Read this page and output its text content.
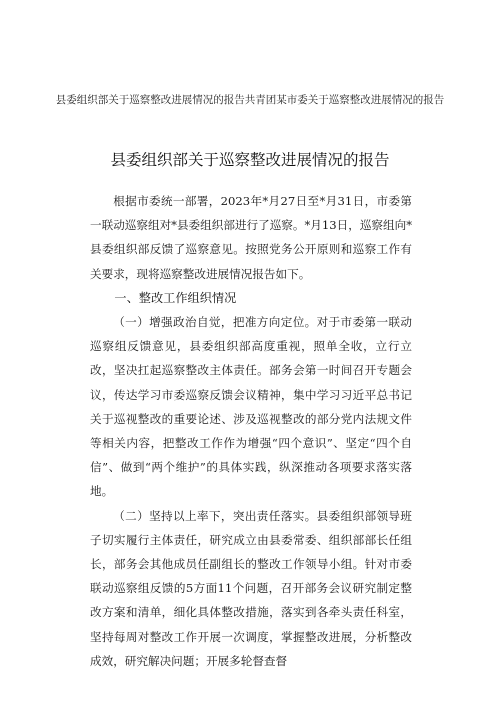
县委组织部关于巡察整改进展情况的报告共青团某市委关于巡察整改进展情况的报告
县委组织部关于巡察整改进展情况的报告

根据市委统一部署，2023年*月27日至*月31日，市委第一联动巡察组对*县委组织部进行了巡察。*月13日，巡察组向*县委组织部反馈了巡察意见。按照党务公开原则和巡察工作有关要求，现将巡察整改进展情况报告如下。

一、整改工作组织情况

（一）增强政治自觉，把准方向定位。对于市委第一联动巡察组反馈意见，县委组织部高度重视，照单全收，立行立改，坚决扛起巡察整改主体责任。部务会第一时间召开专题会议，传达学习市委巡察反馈会议精神，集中学习习近平总书记关于巡视整改的重要论述、涉及巡视整改的部分党内法规文件等相关内容，把整改工作作为增强“四个意识”、坚定“四个自信”、做到“两个维护”的具体实践，纵深推动各项要求落实落地。

（二）坚持以上率下，突出责任落实。县委组织部领导班子切实履行主体责任，研究成立由县委常委、组织部部长任组长，部务会其他成员任副组长的整改工作领导小组。针对市委联动巡察组反馈的5方面11个问题，召开部务会议研究制定整改方案和清单，细化具体整改措施，落实到各牵头责任科室，坚持每周对整改工作开展一次调度，掌握整改进展，分析整改成效，研究解决问题；开展多轮督查督
